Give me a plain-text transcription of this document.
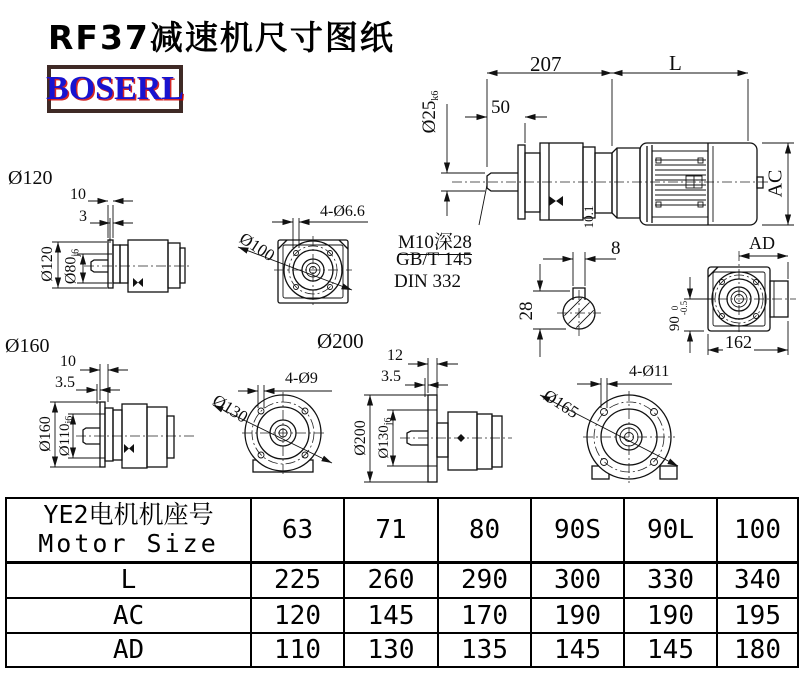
RF37减速机尺寸图纸
BOSERL
207	L
50
Ø25k6
AC
10.1
M10深28
GB/T 145
DIN 332
8
28
AD
90
0 -0.5
162
Ø120
10
3
Ø120 Ø80j6
4-Ø6.6
Ø100
Ø160
10
3.5
Ø160 $Ø110_{j6}$
Ø200
4-Ø9
Ø130
12
3.5
Ø200 $Ø130_{j6}$
4-Ø11
Ø165
YE2电机机座号
Motor Size	63	71	80	90S	90L	100
L	225	260	290	300	330	340
AC	120	145	170	190	190	195
AD	110	130	135	145	145	180
